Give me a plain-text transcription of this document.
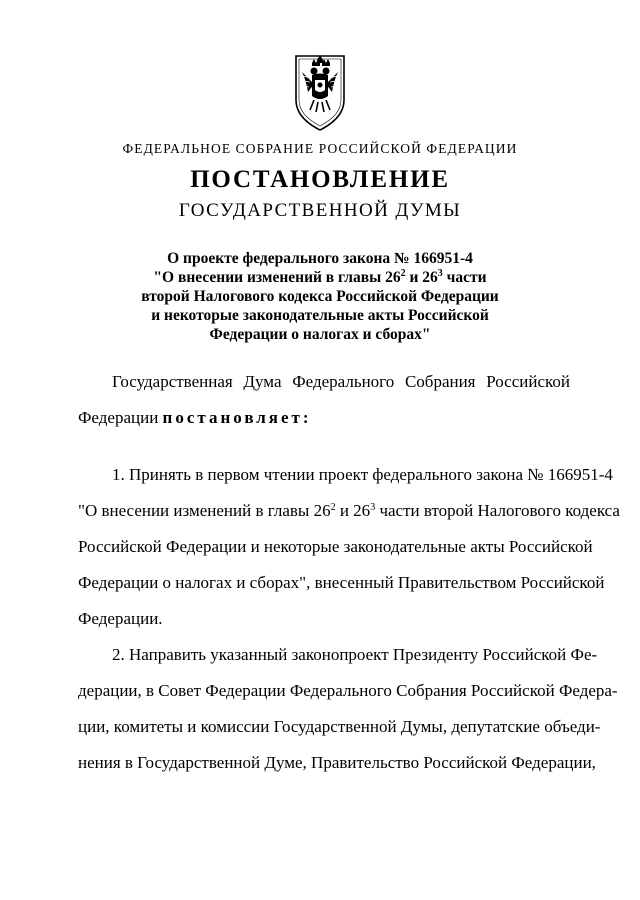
ФЕДЕРАЛЬНОЕ СОБРАНИЕ РОССИЙСКОЙ ФЕДЕРАЦИИ
ПОСТАНОВЛЕНИЕ
ГОСУДАРСТВЕННОЙ ДУМЫ
О проекте федерального закона № 166951-4
"О внесении изменений в главы $26^2$ и $26^3$ части
второй Налогового кодекса Российской Федерации
и некоторые законодательные акты Российской
Федерации о налогах и сборах"
Государственная Дума Федерального Собрания Российской
Федерации постановляет:
1. Принять в первом чтении проект федерального закона № 166951-4
"О внесении изменений в главы $26^2$ и $26^3$ части второй Налогового кодекса
Российской Федерации и некоторые законодательные акты Российской
Федерации о налогах и сборах", внесенный Правительством Российской
Федерации.
2. Направить указанный законопроект Президенту Российской Фе-
дерации, в Совет Федерации Федерального Собрания Российской Федера-
ции, комитеты и комиссии Государственной Думы, депутатские объеди-
нения в Государственной Думе, Правительство Российской Федерации,
